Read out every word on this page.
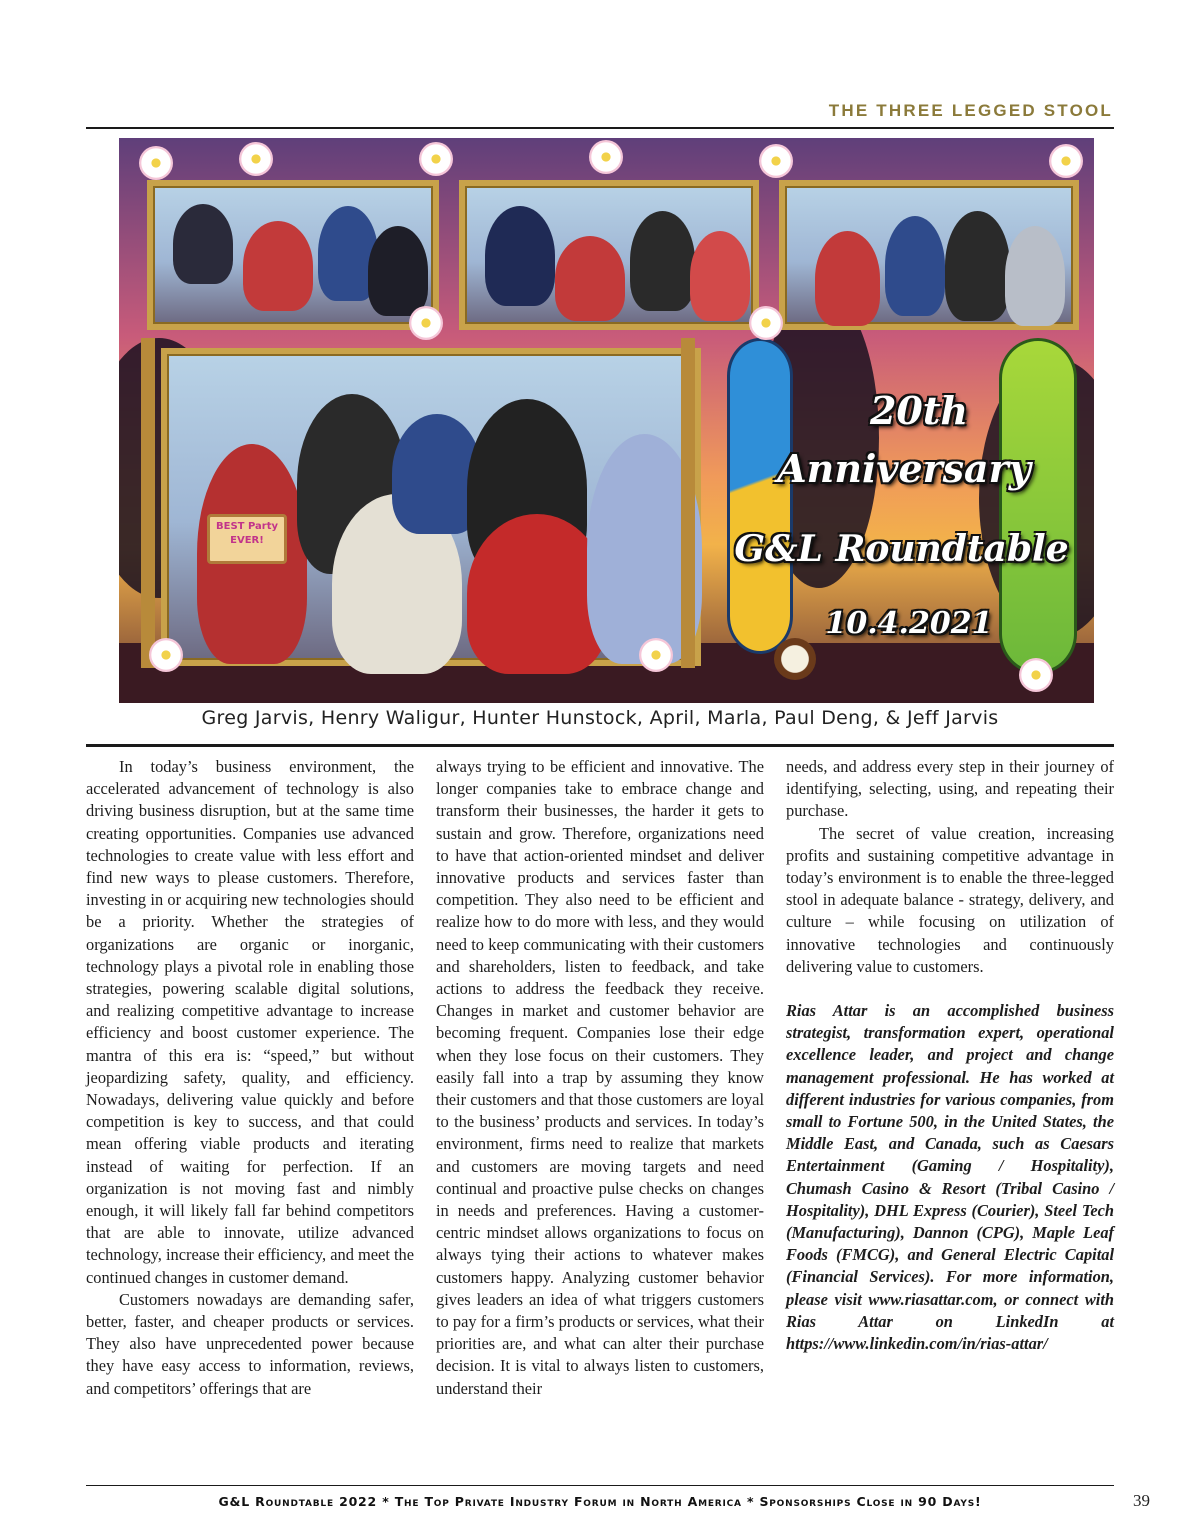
THE THREE LEGGED STOOL
BEST Party EVER!
20th
Anniversary
G&L Roundtable
10.4.2021
Greg Jarvis, Henry Waligur, Hunter Hunstock, April, Marla, Paul Deng, & Jeff Jarvis

In today’s business environment, the accelerated advancement of technology is also driving business disruption, but at the same time creating opportunities. Companies use advanced technologies to create value with less effort and find new ways to please customers. Therefore, investing in or acquiring new technologies should be a priority. Whether the strategies of organizations are organic or inorganic, technology plays a pivotal role in enabling those strategies, powering scalable digital solutions, and realizing competitive advantage to increase efficiency and boost customer experience. The mantra of this era is: “speed,” but without jeopardizing safety, quality, and efficiency. Nowadays, delivering value quickly and before competition is key to success, and that could mean offering viable products and iterating instead of waiting for perfection. If an organization is not moving fast and nimbly enough, it will likely fall far behind competitors that are able to innovate, utilize advanced technology, increase their efficiency, and meet the continued changes in customer demand.

Customers nowadays are demanding safer, better, faster, and cheaper products or services. They also have unprecedented power because they have easy access to information, reviews, and competitors’ offerings that are

always trying to be efficient and innovative. The longer companies take to embrace change and transform their businesses, the harder it gets to sustain and grow. Therefore, organizations need to have that action-oriented mindset and deliver innovative products and services faster than competition. They also need to be efficient and realize how to do more with less, and they would need to keep communicating with their customers and shareholders, listen to feedback, and take actions to address the feedback they receive. Changes in market and customer behavior are becoming frequent. Companies lose their edge when they lose focus on their customers. They easily fall into a trap by assuming they know their customers and that those customers are loyal to the business’ products and services. In today’s environment, firms need to realize that markets and customers are moving targets and need continual and proactive pulse checks on changes in needs and preferences. Having a customer-centric mindset allows organizations to focus on always tying their actions to whatever makes customers happy. Analyzing customer behavior gives leaders an idea of what triggers customers to pay for a firm’s products or services, what their priorities are, and what can alter their purchase decision. It is vital to always listen to customers, understand their

needs, and address every step in their journey of identifying, selecting, using, and repeating their purchase.

The secret of value creation, increasing profits and sustaining competitive advantage in today’s environment is to enable the three-legged stool in adequate balance - strategy, delivery, and culture – while focusing on utilization of innovative technologies and continuously delivering value to customers.

Rias Attar is an accomplished business strategist, transformation expert, operational excellence leader, and project and change management professional. He has worked at different industries for various companies, from small to Fortune 500, in the United States, the Middle East, and Canada, such as Caesars Entertainment (Gaming / Hospitality), Chumash Casino & Resort (Tribal Casino / Hospitality), DHL Express (Courier), Steel Tech (Manufacturing), Dannon (CPG), Maple Leaf Foods (FMCG), and General Electric Capital (Financial Services). For more information, please visit www.riasattar.com, or connect with Rias Attar on LinkedIn at https://www.linkedin.com/in/rias-attar/

G&L Roundtable 2022 * The Top Private Industry Forum in North America * Sponsorships Close in 90 Days!	39
